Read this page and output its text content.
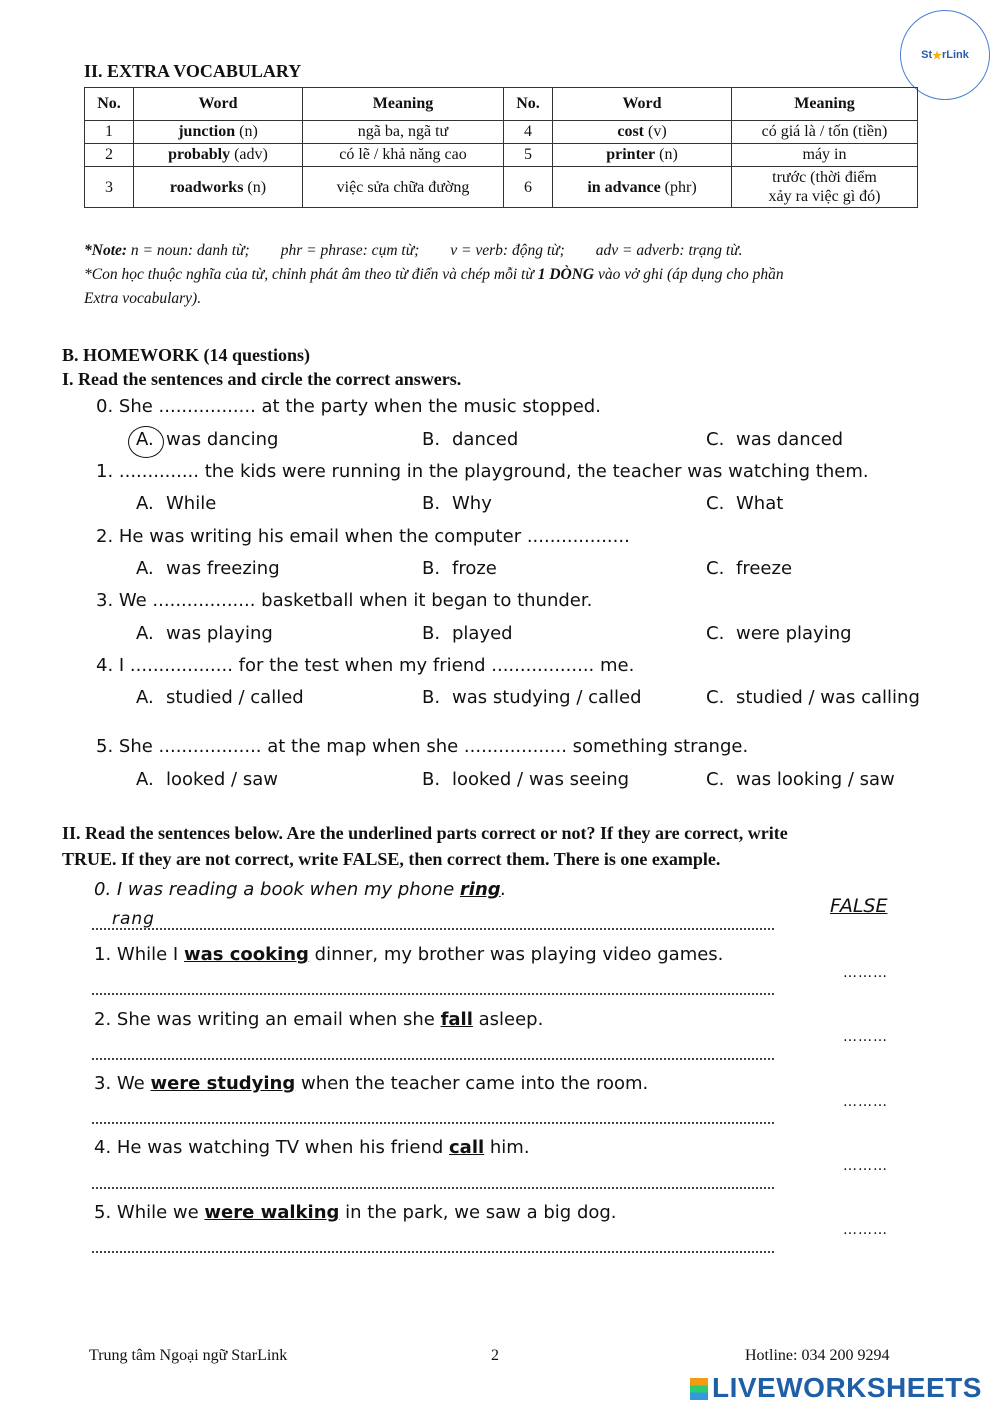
St ★ rLink
II. EXTRA VOCABULARY
No.	Word	Meaning	No.	Word	Meaning
1	junction (n)	ngã ba, ngã tư	4	cost (v)	có giá là / tốn (tiền)
2	probably (adv)	có lẽ / khả năng cao	5	printer (n)	máy in
3	roadworks (n)	việc sửa chữa đường	6	in advance (phr)	trước (thời điểm
xảy ra việc gì đó)
*Note: n = noun: danh từ;        phr = phrase: cụm từ;        v = verb: động từ;        adv = adverb: trạng từ.
*Con học thuộc nghĩa của từ, chỉnh phát âm theo từ điển và chép mỗi từ 1 DÒNG vào vở ghi (áp dụng cho phần
Extra vocabulary).
B. HOMEWORK (14 questions)
I. Read the sentences and circle the correct answers.
0. She ................. at the party when the music stopped.
A. was dancing	B. danced	C. was danced
1. .............. the kids were running in the playground, the teacher was watching them.
A. While	B. Why	C. What
2. He was writing his email when the computer ..................
A. was freezing	B. froze	C. freeze
3. We .................. basketball when it began to thunder.
A. was playing	B. played	C. were playing
4. I .................. for the test when my friend .................. me.
A. studied / called	B. was studying / called	C. studied / was calling
5. She .................. at the map when she .................. something strange.
A. looked / saw	B. looked / was seeing	C. was looking / saw
II. Read the sentences below. Are the underlined parts correct or not? If they are correct, write
TRUE. If they are not correct, write FALSE, then correct them. There is one example.
0. I was reading a book when my phone ring.
rang
FALSE
1. While I was cooking dinner, my brother was playing video games.
………
2. She was writing an email when she fall asleep.
………
3. We were studying when the teacher came into the room.
………
4. He was watching TV when his friend call him.
………
5. While we were walking in the park, we saw a big dog.
………
Trung tâm Ngoại ngữ StarLink	2	Hotline: 034 200 9294
LIVEWORKSHEETS
